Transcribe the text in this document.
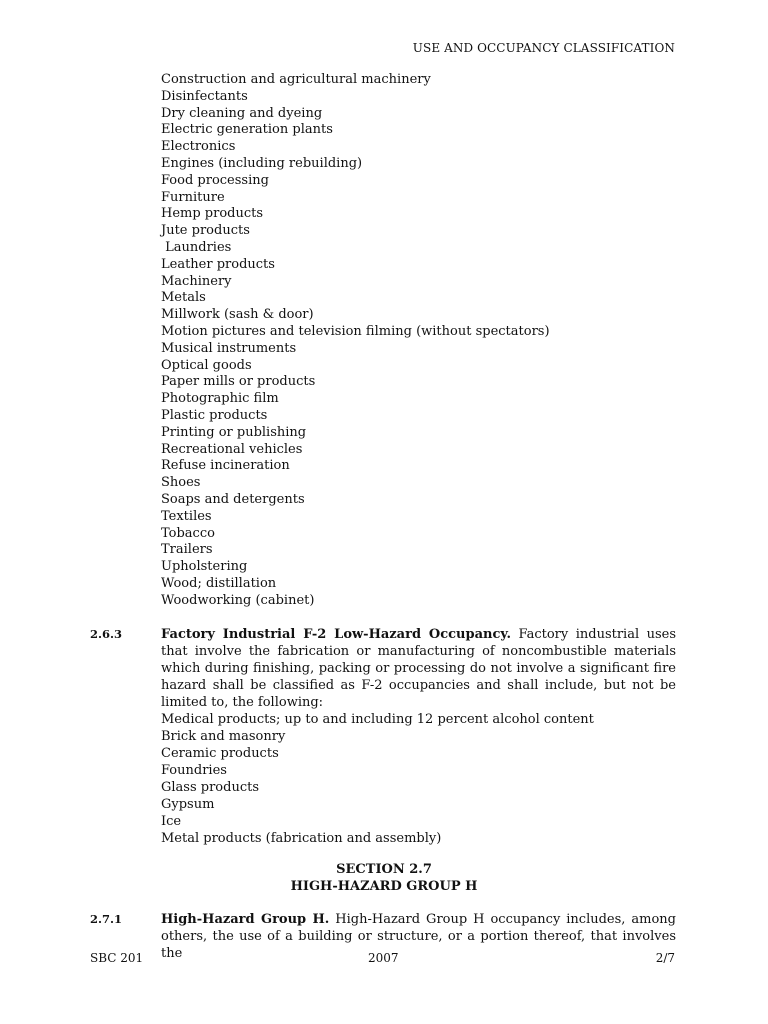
USE AND OCCUPANCY CLASSIFICATION
Construction and agricultural machinery
Disinfectants
Dry cleaning and dyeing
Electric generation plants
Electronics
Engines (including rebuilding)
Food processing
Furniture
Hemp products
Jute products
Laundries
Leather products
Machinery
Metals
Millwork (sash & door)
Motion pictures and television filming (without spectators)
Musical instruments
Optical goods
Paper mills or products
Photographic film
Plastic products
Printing or publishing
Recreational vehicles
Refuse incineration
Shoes
Soaps and detergents
Textiles
Tobacco
Trailers
Upholstering
Wood; distillation
Woodworking (cabinet)
2.6.3	Factory Industrial F-2 Low-Hazard Occupancy. Factory industrial uses that involve the fabrication or manufacturing of noncombustible materials which during finishing, packing or processing do not involve a significant fire hazard shall be classified as F-2 occupancies and shall include, but not be limited to, the following:
Medical products; up to and including 12 percent alcohol content
Brick and masonry
Ceramic products
Foundries
Glass products
Gypsum
Ice
Metal products (fabrication and assembly)
SECTION 2.7
HIGH-HAZARD GROUP H
2.7.1	High-Hazard Group H. High-Hazard Group H occupancy includes, among others, the use of a building or structure, or a portion thereof, that involves the
SBC 201	2007	2/7
